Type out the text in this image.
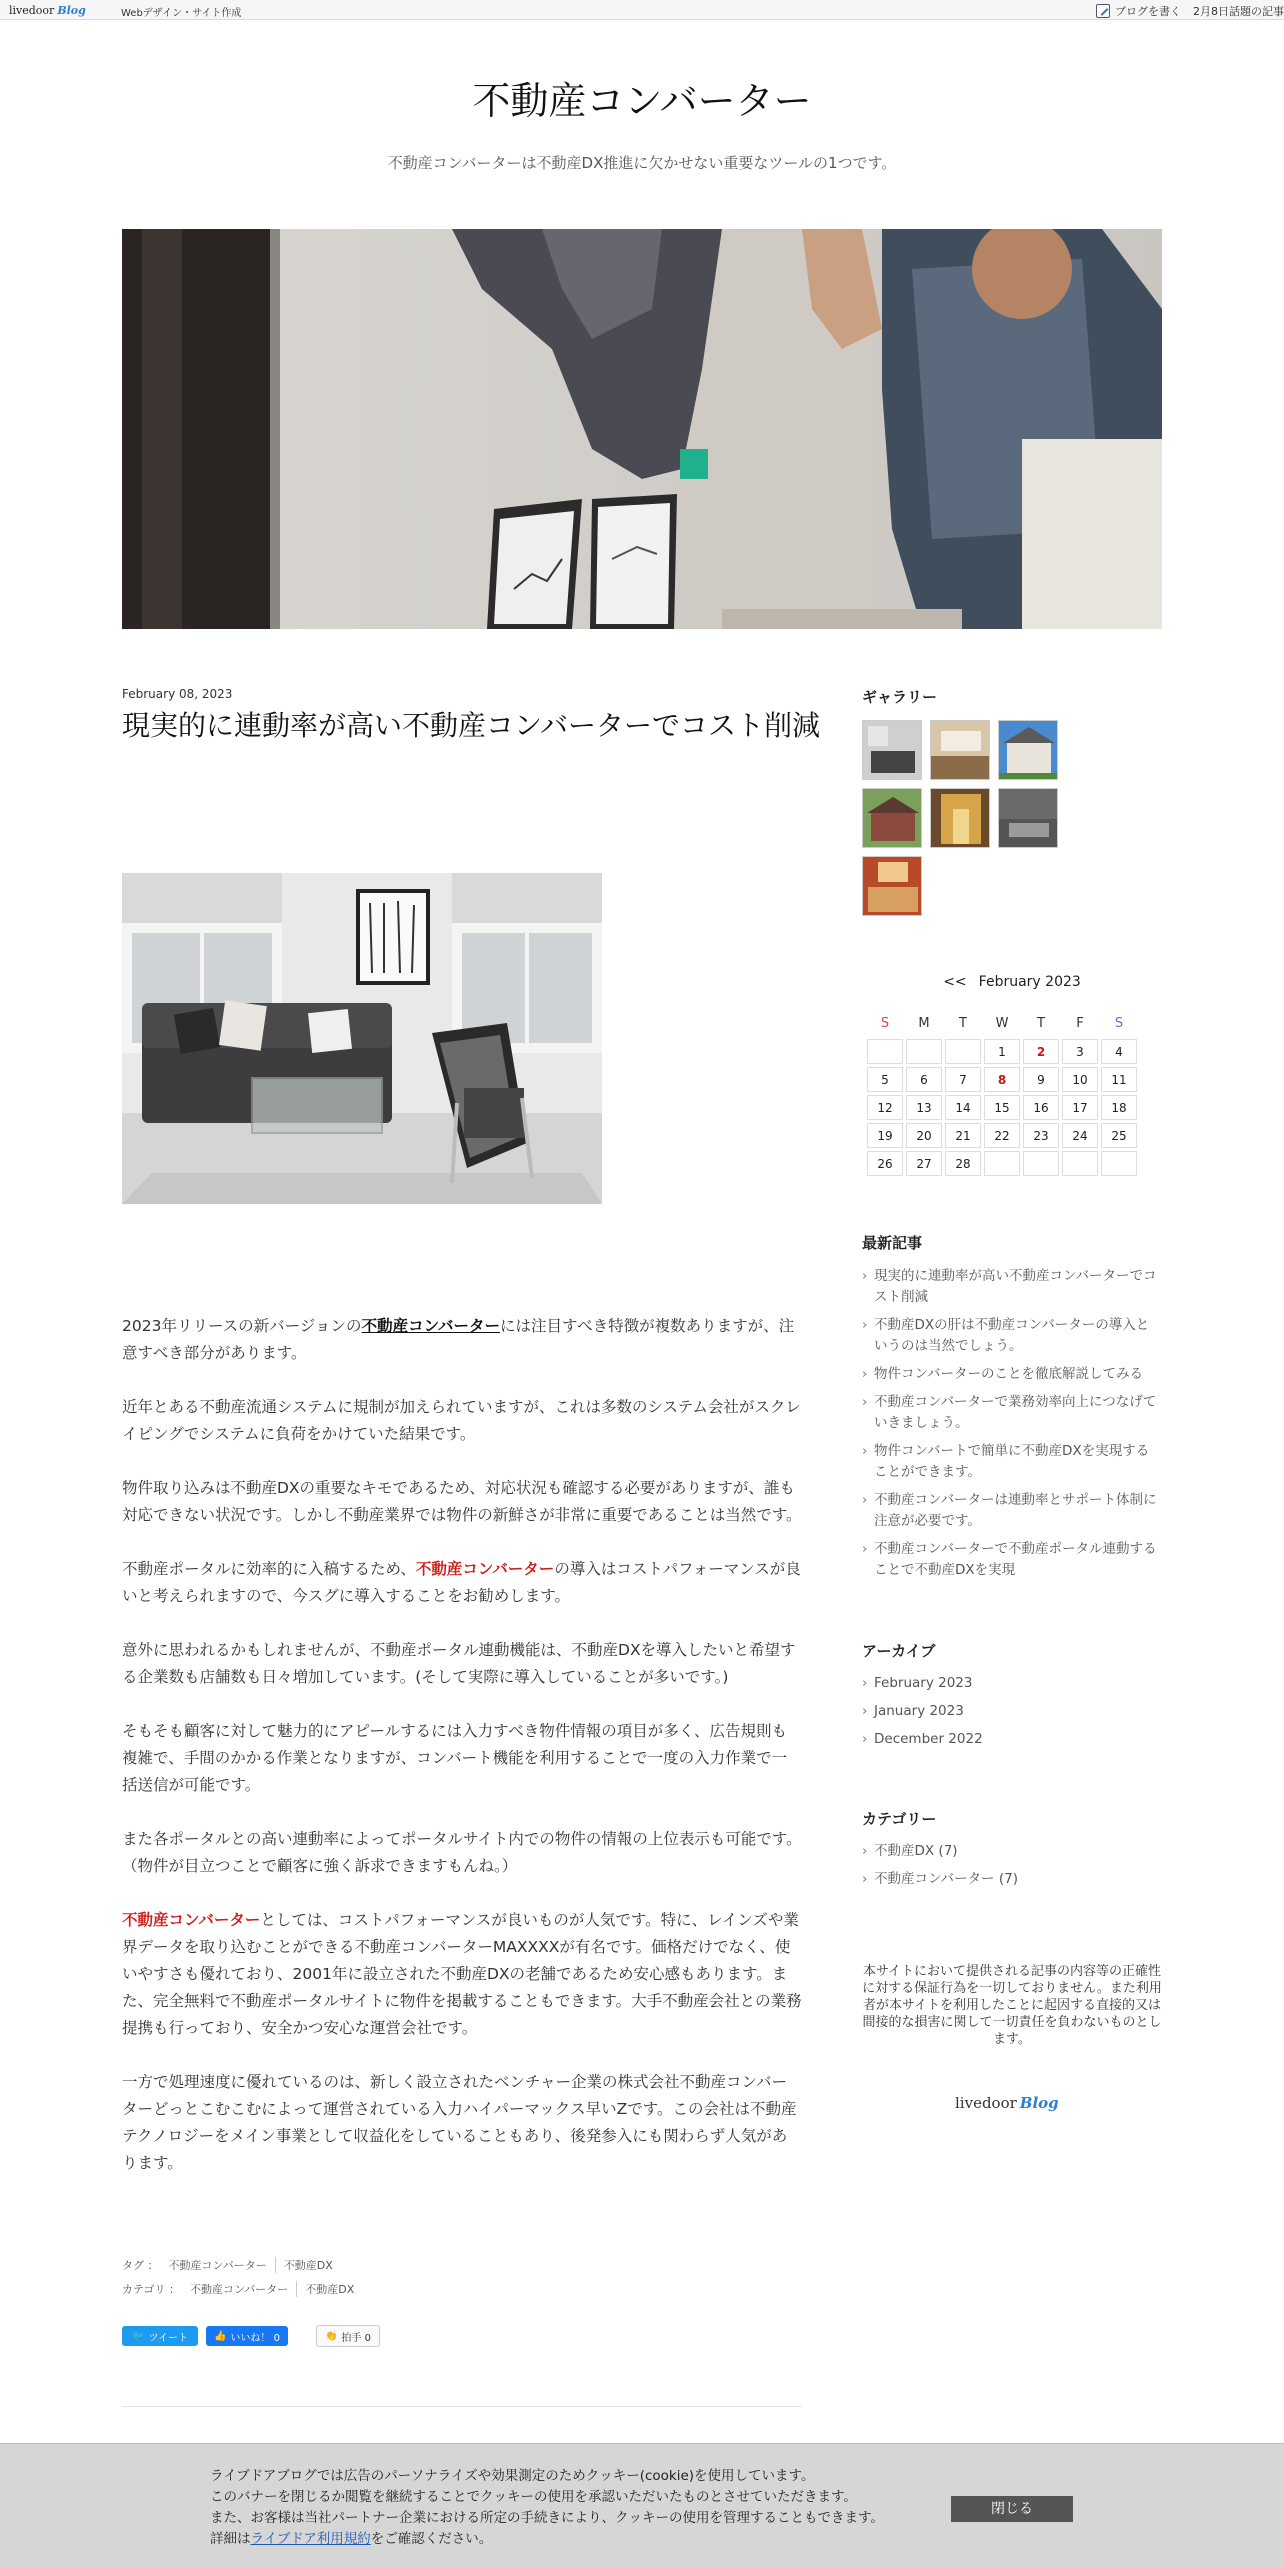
livedoor Blog	Webデザイン・サイト作成	ブログを書く 2月8日話題の記事
不動産コンバーター
不動産コンバーターは不動産DX推進に欠かせない重要なツールの1つです。
February 08, 2023
現実的に連動率が高い不動産コンバーターでコスト削減

2023年リリースの新バージョンの不動産コンバーターには注目すべき特徴が複数ありますが、注意すべき部分があります。

近年とある不動産流通システムに規制が加えられていますが、これは多数のシステム会社がスクレイピングでシステムに負荷をかけていた結果です。

物件取り込みは不動産DXの重要なキモであるため、対応状況も確認する必要がありますが、誰も対応できない状況です。しかし不動産業界では物件の新鮮さが非常に重要であることは当然です。

不動産ポータルに効率的に入稿するため、不動産コンバーターの導入はコストパフォーマンスが良いと考えられますので、今スグに導入することをお勧めします。

意外に思われるかもしれませんが、不動産ポータル連動機能は、不動産DXを導入したいと希望する企業数も店舗数も日々増加しています。(そして実際に導入していることが多いです。)

そもそも顧客に対して魅力的にアピールするには入力すべき物件情報の項目が多く、広告規則も複雑で、手間のかかる作業となりますが、コンバート機能を利用することで一度の入力作業で一括送信が可能です。

また各ポータルとの高い連動率によってポータルサイト内での物件の情報の上位表示も可能です。（物件が目立つことで顧客に強く訴求できますもんね。）

不動産コンバーターとしては、コストパフォーマンスが良いものが人気です。特に、レインズや業界データを取り込むことができる不動産コンバーターMAXXXXが有名です。価格だけでなく、使いやすさも優れており、2001年に設立された不動産DXの老舗であるため安心感もあります。また、完全無料で不動産ポータルサイトに物件を掲載することもできます。大手不動産会社との業務提携も行っており、安全かつ安心な運営会社です。

一方で処理速度に優れているのは、新しく設立されたベンチャー企業の株式会社不動産コンバーターどっとこむこむによって運営されている入力ハイパーマックス早いZです。この会社は不動産テクノロジーをメイン事業として収益化をしていることもあり、後発参入にも関わらず人気があります。

タグ ： 不動産コンバーター	不動産DX
カテゴリ ： 不動産コンバーター	不動産DX
🐦 ツイート	👍 いいね！ 0	👏 拍手 0
ギャラリー
<< February 2023
S	M	T	W	T	F	S
			1	2	3	4
5	6	7	8	9	10	11
12	13	14	15	16	17	18
19	20	21	22	23	24	25
26	27	28				
最新記事
› 現実的に連動率が高い不動産コンバーターでコスト削減
› 不動産DXの肝は不動産コンバーターの導入というのは当然でしょう。
› 物件コンバーターのことを徹底解説してみる
› 不動産コンバーターで業務効率向上につなげていきましょう。
› 物件コンバートで簡単に不動産DXを実現することができます。
› 不動産コンバーターは連動率とサポート体制に注意が必要です。
› 不動産コンバーターで不動産ポータル連動することで不動産DXを実現
アーカイブ
› February 2023
› January 2023
› December 2022
カテゴリー
› 不動産DX (7)
› 不動産コンバーター (7)
本サイトにおいて提供される記事の内容等の正確性に対する保証行為を一切しておりません。また利用者が本サイトを利用したことに起因する直接的又は間接的な損害に関して一切責任を負わないものとします。
livedoor Blog
ライブドアブログでは広告のパーソナライズや効果測定のためクッキー(cookie)を使用しています。
このバナーを閉じるか閲覧を継続することでクッキーの使用を承認いただいたものとさせていただきます。
また、お客様は当社パートナー企業における所定の手続きにより、クッキーの使用を管理することもできます。
詳細はライブドア利用規約をご確認ください。
閉じる
